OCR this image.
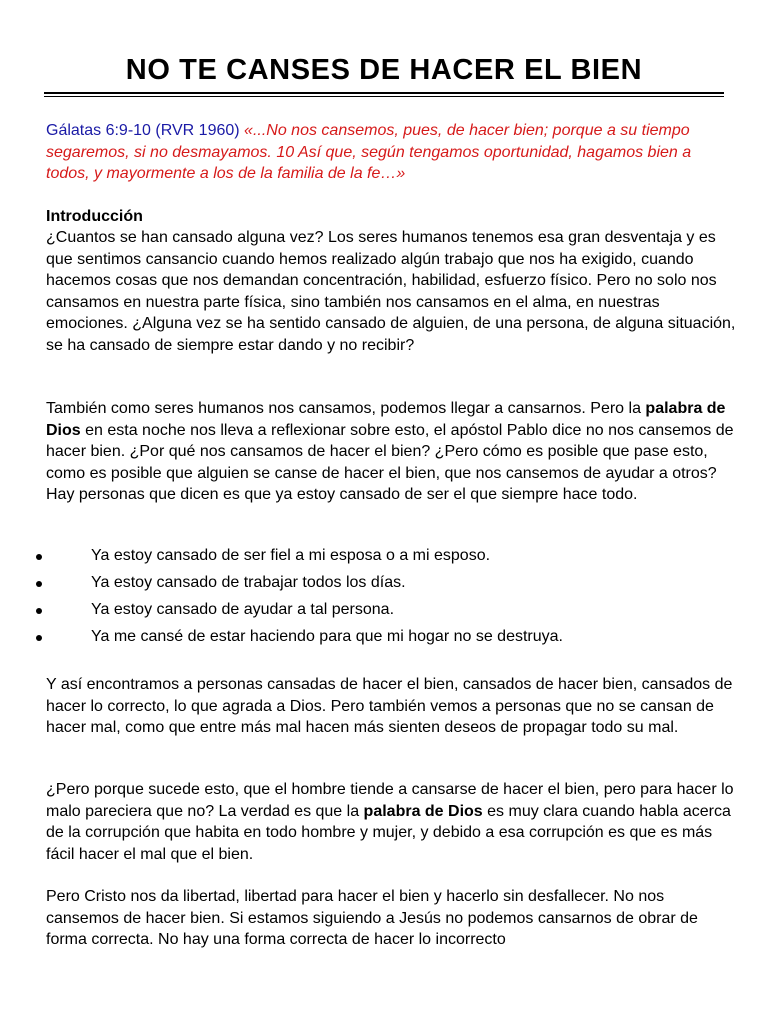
NO TE CANSES DE HACER EL BIEN
Gálatas 6:9-10 (RVR 1960) «...No nos cansemos, pues, de hacer bien; porque a su tiempo segaremos, si no desmayamos. 10 Así que, según tengamos oportunidad, hagamos bien a todos, y mayormente a los de la familia de la fe…»
Introducción
¿Cuantos se han cansado alguna vez? Los seres humanos tenemos esa gran desventaja y es que sentimos cansancio cuando hemos realizado algún trabajo que nos ha exigido, cuando hacemos cosas que nos demandan concentración, habilidad, esfuerzo físico. Pero no solo nos cansamos en nuestra parte física, sino también nos cansamos en el alma, en nuestras emociones. ¿Alguna vez se ha sentido cansado de alguien, de una persona, de alguna situación, se ha cansado de siempre estar dando y no recibir?
También como seres humanos nos cansamos, podemos llegar a cansarnos. Pero la palabra de Dios en esta noche nos lleva a reflexionar sobre esto, el apóstol Pablo dice no nos cansemos de hacer bien. ¿Por qué nos cansamos de hacer el bien? ¿Pero cómo es posible que pase esto, como es posible que alguien se canse de hacer el bien, que nos cansemos de ayudar a otros? Hay personas que dicen es que ya estoy cansado de ser el que siempre hace todo.
Ya estoy cansado de ser fiel a mi esposa o a mi esposo.
Ya estoy cansado de trabajar todos los días.
Ya estoy cansado de ayudar a tal persona.
Ya me cansé de estar haciendo para que mi hogar no se destruya.
Y así encontramos a personas cansadas de hacer el bien, cansados de hacer bien, cansados de hacer lo correcto, lo que agrada a Dios. Pero también vemos a personas que no se cansan de hacer mal, como que entre más mal hacen más sienten deseos de propagar todo su mal.
¿Pero porque sucede esto, que el hombre tiende a cansarse de hacer el bien, pero para hacer lo malo pareciera que no? La verdad es que la palabra de Dios es muy clara cuando habla acerca de la corrupción que habita en todo hombre y mujer, y debido a esa corrupción es que es más fácil hacer el mal que el bien.
Pero Cristo nos da libertad, libertad para hacer el bien y hacerlo sin desfallecer. No nos cansemos de hacer bien. Si estamos siguiendo a Jesús no podemos cansarnos de obrar de forma correcta. No hay una forma correcta de hacer lo incorrecto
